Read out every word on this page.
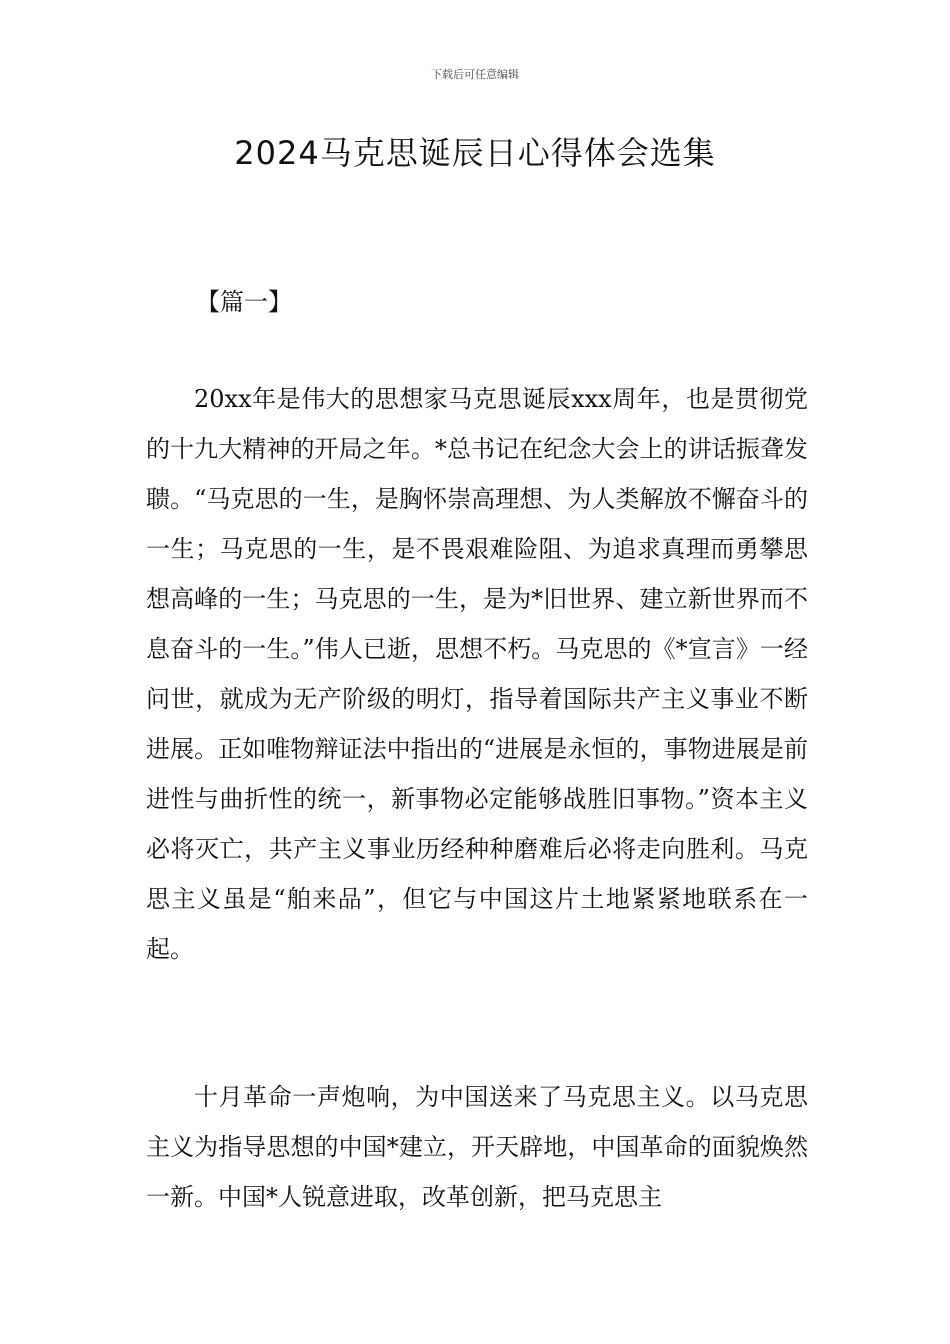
下载后可任意编辑
2024马克思诞辰日心得体会选集
【篇一】

20xx年是伟大的思想家马克思诞辰xxx周年，也是贯彻党的十九大精神的开局之年。*总书记在纪念大会上的讲话振聋发聩。“马克思的一生，是胸怀崇高理想、为人类解放不懈奋斗的一生；马克思的一生，是不畏艰难险阻、为追求真理而勇攀思想高峰的一生；马克思的一生，是为*旧世界、建立新世界而不息奋斗的一生。”伟人已逝，思想不朽。马克思的《*宣言》一经问世，就成为无产阶级的明灯，指导着国际共产主义事业不断进展。正如唯物辩证法中指出的“进展是永恒的，事物进展是前进性与曲折性的统一，新事物必定能够战胜旧事物。”资本主义必将灭亡，共产主义事业历经种种磨难后必将走向胜利。马克思主义虽是“舶来品”，但它与中国这片土地紧紧地联系在一起。

十月革命一声炮响，为中国送来了马克思主义。以马克思主义为指导思想的中国*建立，开天辟地，中国革命的面貌焕然一新。中国*人锐意进取，改革创新，把马克思主
